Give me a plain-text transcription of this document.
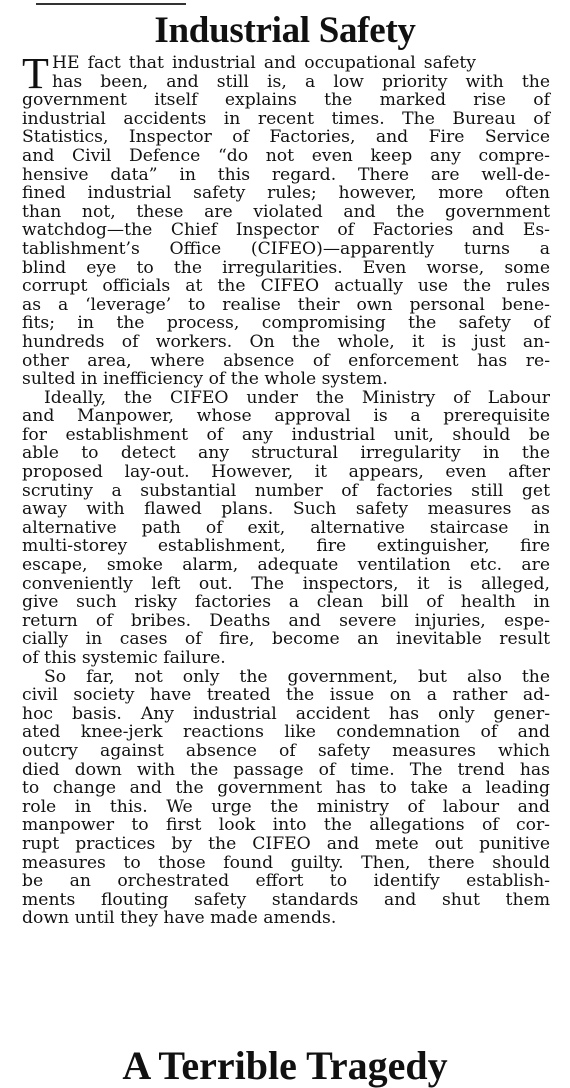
Industrial Safety
T HE fact that industrial and occupational safety
has been, and still is, a low priority with the
government itself explains the marked rise of
industrial accidents in recent times. The Bureau of
Statistics, Inspector of Factories, and Fire Service
and Civil Defence “do not even keep any compre-
hensive data” in this regard. There are well-de-
fined industrial safety rules; however, more often
than not, these are violated and the government
watchdog—the Chief Inspector of Factories and Es-
tablishment’s Office (CIFEO)—apparently turns a
blind eye to the irregularities. Even worse, some
corrupt officials at the CIFEO actually use the rules
as a ‘leverage’ to realise their own personal bene-
fits; in the process, compromising the safety of
hundreds of workers. On the whole, it is just an-
other area, where absence of enforcement has re-
sulted in inefficiency of the whole system.
Ideally, the CIFEO under the Ministry of Labour
and Manpower, whose approval is a prerequisite
for establishment of any industrial unit, should be
able to detect any structural irregularity in the
proposed lay-out. However, it appears, even after
scrutiny a substantial number of factories still get
away with flawed plans. Such safety measures as
alternative path of exit, alternative staircase in
multi-storey establishment, fire extinguisher, fire
escape, smoke alarm, adequate ventilation etc. are
conveniently left out. The inspectors, it is alleged,
give such risky factories a clean bill of health in
return of bribes. Deaths and severe injuries, espe-
cially in cases of fire, become an inevitable result
of this systemic failure.
So far, not only the government, but also the
civil society have treated the issue on a rather ad-
hoc basis. Any industrial accident has only gener-
ated knee-jerk reactions like condemnation of and
outcry against absence of safety measures which
died down with the passage of time. The trend has
to change and the government has to take a leading
role in this. We urge the ministry of labour and
manpower to first look into the allegations of cor-
rupt practices by the CIFEO and mete out punitive
measures to those found guilty. Then, there should
be an orchestrated effort to identify establish-
ments flouting safety standards and shut them
down until they have made amends.
A Terrible Tragedy
